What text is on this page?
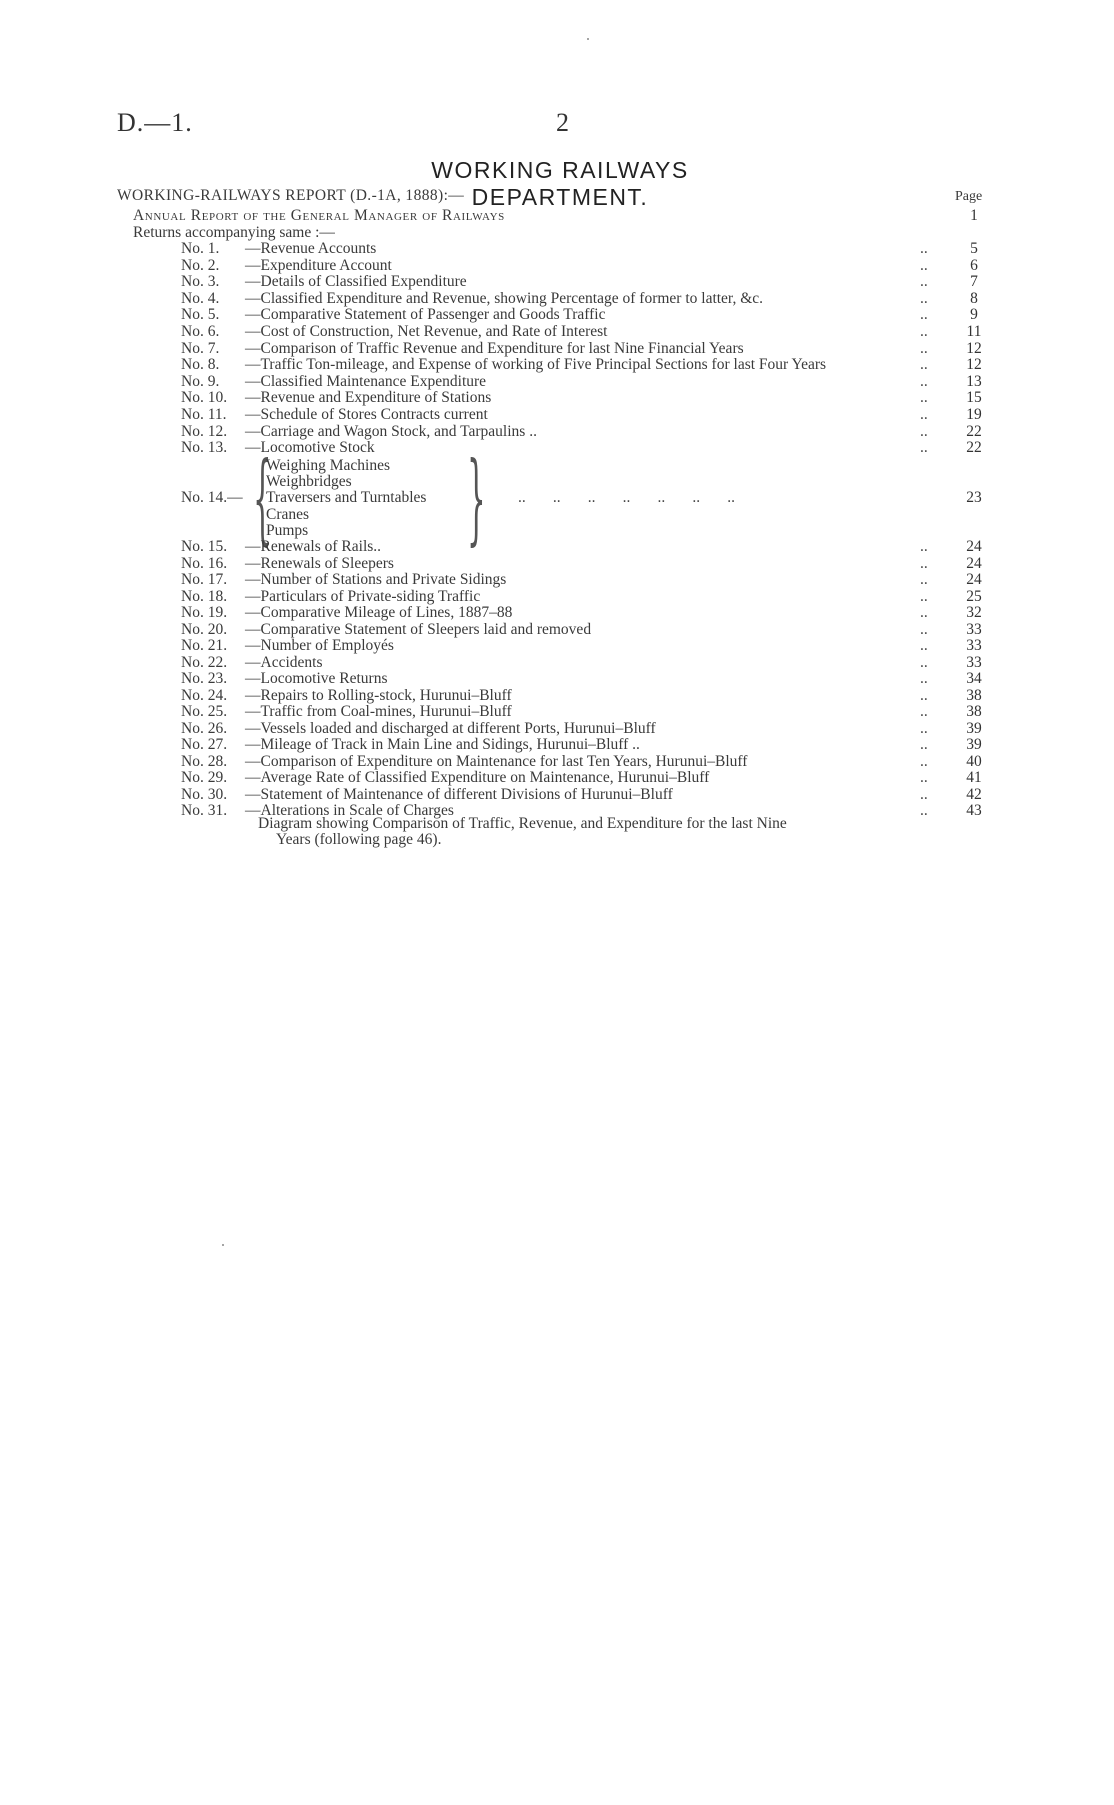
D.—1.	2
WORKING RAILWAYS DEPARTMENT.
WORKING-RAILWAYS REPORT (D.-1A, 1888):—	Page
Annual Report of the General Manager of Railways	1
Returns accompanying same :—
No. 1. —Revenue Accounts	..	5
No. 2. —Expenditure Account	..	6
No. 3. —Details of Classified Expenditure	..	7
No. 4. —Classified Expenditure and Revenue, showing Percentage of former to latter, &c.	..	8
No. 5. —Comparative Statement of Passenger and Goods Traffic	..	9
No. 6. —Cost of Construction, Net Revenue, and Rate of Interest	..	11
No. 7. —Comparison of Traffic Revenue and Expenditure for last Nine Financial Years	..	12
No. 8. —Traffic Ton-mileage, and Expense of working of Five Principal Sections for last Four Years	..	12
No. 9. —Classified Maintenance Expenditure	..	13
No. 10. —Revenue and Expenditure of Stations	..	15
No. 11. —Schedule of Stores Contracts current	..	19
No. 12. —Carriage and Wagon Stock, and Tarpaulins ..	..	22
No. 13. —Locomotive Stock	..	22
No. 14.— {
Weighing Machines
Weighbridges
Traversers and Turntables
Cranes
Pumps } ..       ..       ..       ..       ..       ..       ..	23
No. 15. —Renewals of Rails..	..	24
No. 16. —Renewals of Sleepers	..	24
No. 17. —Number of Stations and Private Sidings	..	24
No. 18. —Particulars of Private-siding Traffic	..	25
No. 19. —Comparative Mileage of Lines, 1887–88	..	32
No. 20. —Comparative Statement of Sleepers laid and removed	..	33
No. 21. —Number of Employés	..	33
No. 22. —Accidents	..	33
No. 23. —Locomotive Returns	..	34
No. 24. —Repairs to Rolling-stock, Hurunui–Bluff	..	38
No. 25. —Traffic from Coal-mines, Hurunui–Bluff	..	38
No. 26. —Vessels loaded and discharged at different Ports, Hurunui–Bluff	..	39
No. 27. —Mileage of Track in Main Line and Sidings, Hurunui–Bluff ..	..	39
No. 28. —Comparison of Expenditure on Maintenance for last Ten Years, Hurunui–Bluff	..	40
No. 29. —Average Rate of Classified Expenditure on Maintenance, Hurunui–Bluff	..	41
No. 30. —Statement of Maintenance of different Divisions of Hurunui–Bluff	..	42
No. 31. —Alterations in Scale of Charges	..	43
Diagram showing Comparison of Traffic, Revenue, and Expenditure for the last Nine
Years (following page 46).
